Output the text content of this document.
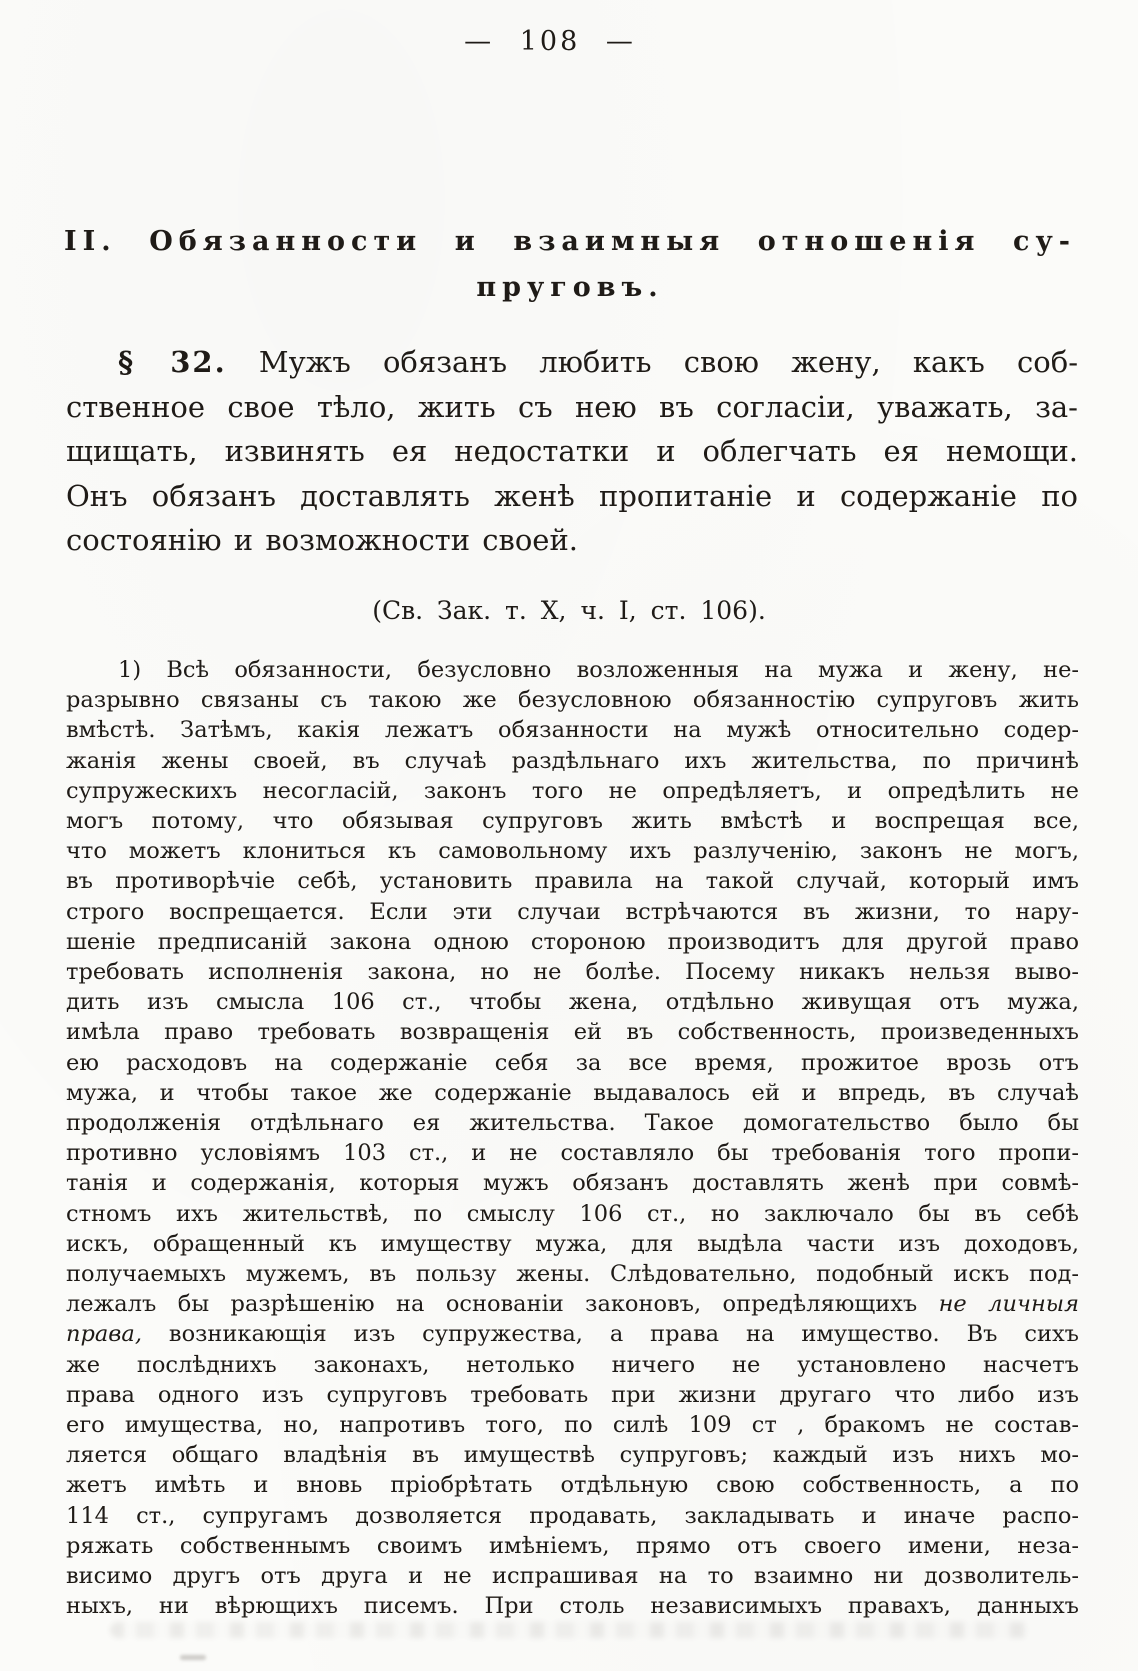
— 108 —
II. Обязанности и взаимныя отношенія су-
пруговъ.
§ 32. Мужъ обязанъ любить свою жену, какъ соб-
ственное свое тѣло, жить съ нею въ согласіи, уважать, за-
щищать, извинять ея недостатки и облегчать ея немощи.
Онъ обязанъ доставлять женѣ пропитаніе и содержаніе по
состоянію и возможности своей.
(Св. Зак. т. X, ч. I, ст. 106).
1) Всѣ обязанности, безусловно возложенныя на мужа и жену, не-
разрывно связаны съ такою же безусловною обязанностію супруговъ жить
вмѣстѣ. Затѣмъ, какія лежатъ обязанности на мужѣ относительно содер-
жанія жены своей, въ случаѣ раздѣльнаго ихъ жительства, по причинѣ
супружескихъ несогласій, законъ того не опредѣляетъ, и опредѣлить не
могъ потому, что обязывая супруговъ жить вмѣстѣ и воспрещая все,
что можетъ клониться къ самовольному ихъ разлученію, законъ не могъ,
въ противорѣчіе себѣ, установить правила на такой случай, который имъ
строго воспрещается. Если эти случаи встрѣчаются въ жизни, то нару-
шеніе предписаній закона одною стороною производитъ для другой право
требовать исполненія закона, но не болѣе. Посему никакъ нельзя выво-
дить изъ смысла 106 ст., чтобы жена, отдѣльно живущая отъ мужа,
имѣла право требовать возвращенія ей въ собственность, произведенныхъ
ею расходовъ на содержаніе себя за все время, прожитое врозь отъ
мужа, и чтобы такое же содержаніе выдавалось ей и впредь, въ случаѣ
продолженія отдѣльнаго ея жительства. Такое домогательство было бы
противно условіямъ 103 ст., и не составляло бы требованія того пропи-
танія и содержанія, которыя мужъ обязанъ доставлять женѣ при совмѣ-
стномъ ихъ жительствѣ, по смыслу 106 ст., но заключало бы въ себѣ
искъ, обращенный къ имуществу мужа, для выдѣла части изъ доходовъ,
получаемыхъ мужемъ, въ пользу жены. Слѣдовательно, подобный искъ под-
лежалъ бы разрѣшенію на основаніи законовъ, опредѣляющихъ не личныя
права, возникающія изъ супружества, а права на имущество. Въ сихъ
же послѣднихъ законахъ, нетолько ничего не установлено насчетъ
права одного изъ супруговъ требовать при жизни другаго что либо изъ
его имущества, но, напротивъ того, по силѣ 109 ст , бракомъ не состав-
ляется общаго владѣнія въ имуществѣ супруговъ; каждый изъ нихъ мо-
жетъ имѣть и вновь пріобрѣтать отдѣльную свою собственность, а по
114 ст., супругамъ дозволяется продавать, закладывать и иначе распо-
ряжать собственнымъ своимъ имѣніемъ, прямо отъ своего имени, неза-
висимо другъ отъ друга и не испрашивая на то взаимно ни дозволитель-
ныхъ, ни вѣрющихъ писемъ. При столь независимыхъ правахъ, данныхъ
